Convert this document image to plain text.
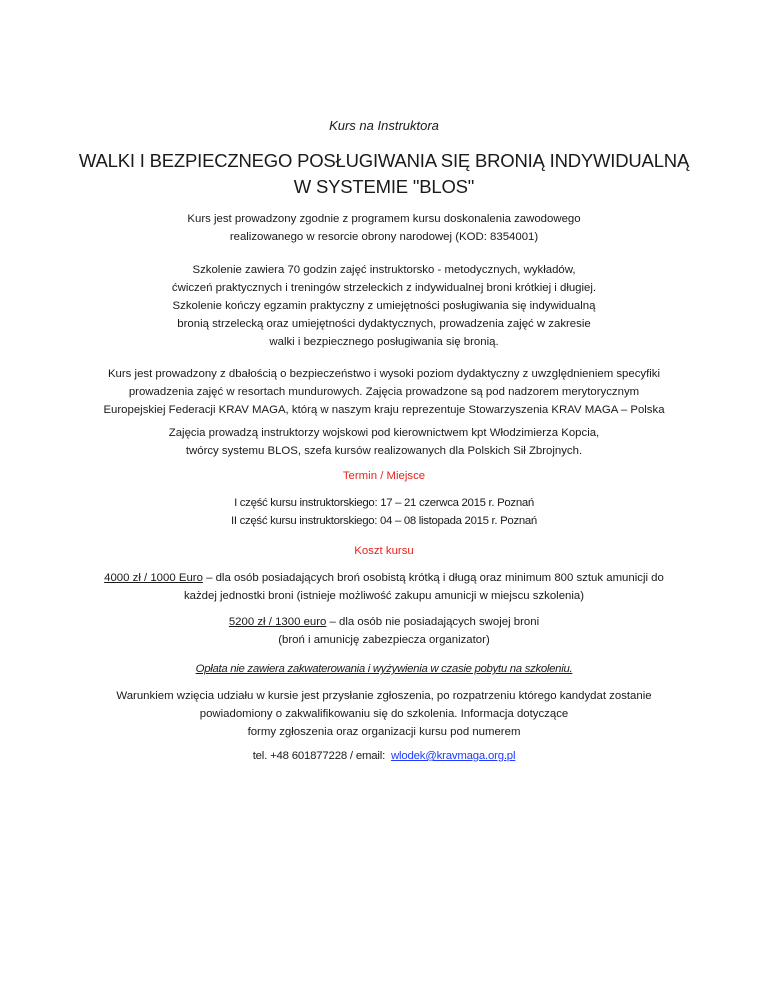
Kurs na Instruktora
WALKI I BEZPIECZNEGO POSŁUGIWANIA SIĘ BRONIĄ INDYWIDUALNĄ
W SYSTEMIE "BLOS"
Kurs jest prowadzony zgodnie z programem kursu doskonalenia zawodowego
realizowanego w resorcie obrony narodowej (KOD: 8354001)
Szkolenie zawiera 70 godzin zajęć instruktorsko - metodycznych, wykładów,
ćwiczeń praktycznych i treningów strzeleckich z indywidualnej broni krótkiej i długiej.
Szkolenie kończy egzamin praktyczny z umiejętności posługiwania się indywidualną
bronią strzelecką oraz umiejętności dydaktycznych, prowadzenia zajęć w zakresie
walki i bezpiecznego posługiwania się bronią.
Kurs jest prowadzony z dbałością o bezpieczeństwo i wysoki poziom dydaktyczny z uwzględnieniem specyfiki
prowadzenia zajęć w resortach mundurowych. Zajęcia prowadzone są pod nadzorem merytorycznym
Europejskiej Federacji KRAV MAGA, którą w naszym kraju reprezentuje Stowarzyszenia KRAV MAGA – Polska
Zajęcia prowadzą instruktorzy wojskowi pod kierownictwem kpt Włodzimierza Kopcia,
twórcy systemu BLOS, szefa kursów realizowanych dla Polskich Sił Zbrojnych.
Termin / Miejsce
I część kursu instruktorskiego: 17 – 21 czerwca 2015 r. Poznań
II część kursu instruktorskiego: 04 – 08 listopada 2015 r. Poznań
Koszt kursu
4000 zł / 1000 Euro – dla osób posiadających broń osobistą krótką i długą oraz minimum 800 sztuk amunicji do
każdej jednostki broni (istnieje możliwość zakupu amunicji w miejscu szkolenia)
5200 zł / 1300 euro – dla osób nie posiadających swojej broni
(broń i amunicję zabezpiecza organizator)
Opłata nie zawiera zakwaterowania i wyżywienia w czasie pobytu na szkoleniu.
Warunkiem wzięcia udziału w kursie jest przysłanie zgłoszenia, po rozpatrzeniu którego kandydat zostanie
powiadomiony o zakwalifikowaniu się do szkolenia. Informacja dotyczące
formy zgłoszenia oraz organizacji kursu pod numerem
tel. +48 601877228 / email:  wlodek@kravmaga.org.pl
